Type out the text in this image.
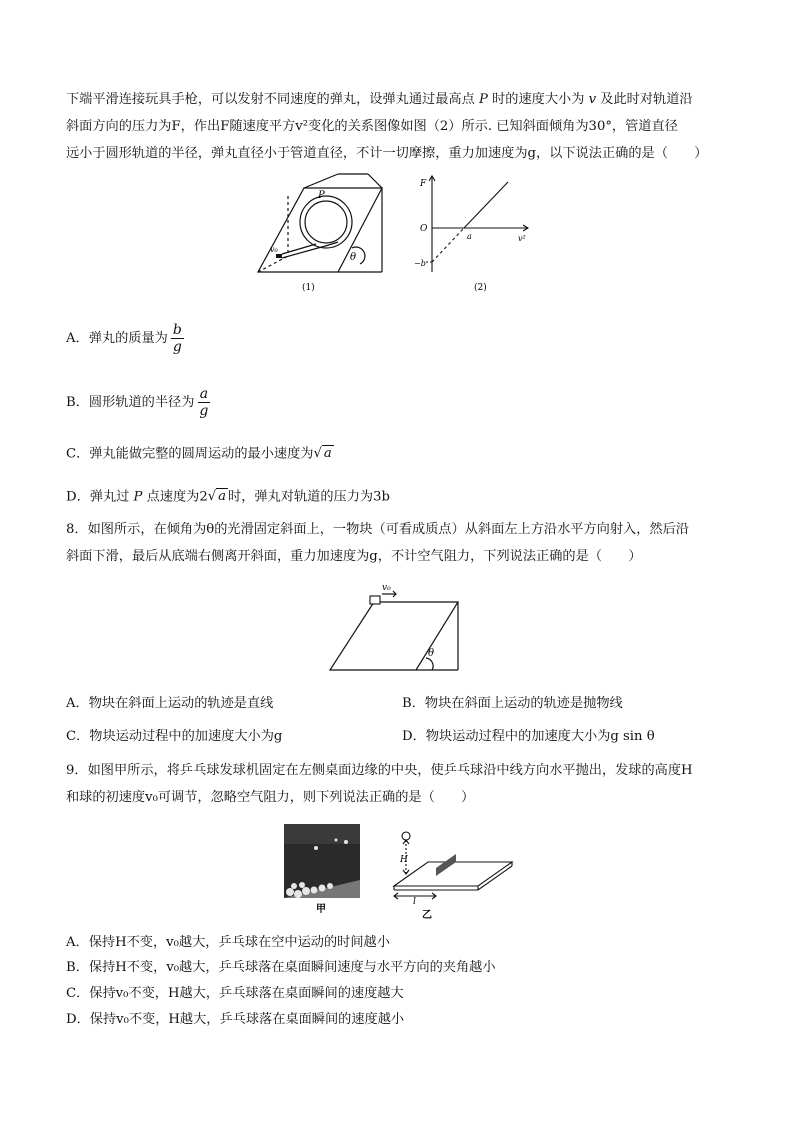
下端平滑连接玩具手枪，可以发射不同速度的弹丸，设弹丸通过最高点 P 时的速度大小为 v 及此时对轨道沿
斜面方向的压力为F，作出F随速度平方v²变化的关系图像如图（2）所示. 已知斜面倾角为30°，管道直径
远小于圆形轨道的半径，弹丸直径小于管道直径，不计一切摩擦，重力加速度为g，以下说法正确的是（　　）
P
v₀
θ
(1)
F
O
a	v²
−b
(2)
A．弹丸的质量为 $\frac{b}{g}$
B．圆形轨道的半径为 $\frac{a}{g}$
C．弹丸能做完整的圆周运动的最小速度为√ a
D．弹丸过 P 点速度为2√ a 时，弹丸对轨道的压力为3b
8．如图所示，在倾角为θ的光滑固定斜面上，一物块（可看成质点）从斜面左上方沿水平方向射入，然后沿
斜面下滑，最后从底端右侧离开斜面，重力加速度为g，不计空气阻力，下列说法正确的是（　　）
v₀
θ
A．物块在斜面上运动的轨迹是直线	B．物块在斜面上运动的轨迹是抛物线
C．物块运动过程中的加速度大小为g	D．物块运动过程中的加速度大小为g sin θ
9．如图甲所示，将乒乓球发球机固定在左侧桌面边缘的中央，使乒乓球沿中线方向水平抛出，发球的高度H
和球的初速度v₀可调节，忽略空气阻力，则下列说法正确的是（　　）
甲
H
l
乙
A．保持H不变，v₀越大，乒乓球在空中运动的时间越小
B．保持H不变，v₀越大，乒乓球落在桌面瞬间速度与水平方向的夹角越小
C．保持v₀不变，H越大，乒乓球落在桌面瞬间的速度越大
D．保持v₀不变，H越大，乒乓球落在桌面瞬间的速度越小
